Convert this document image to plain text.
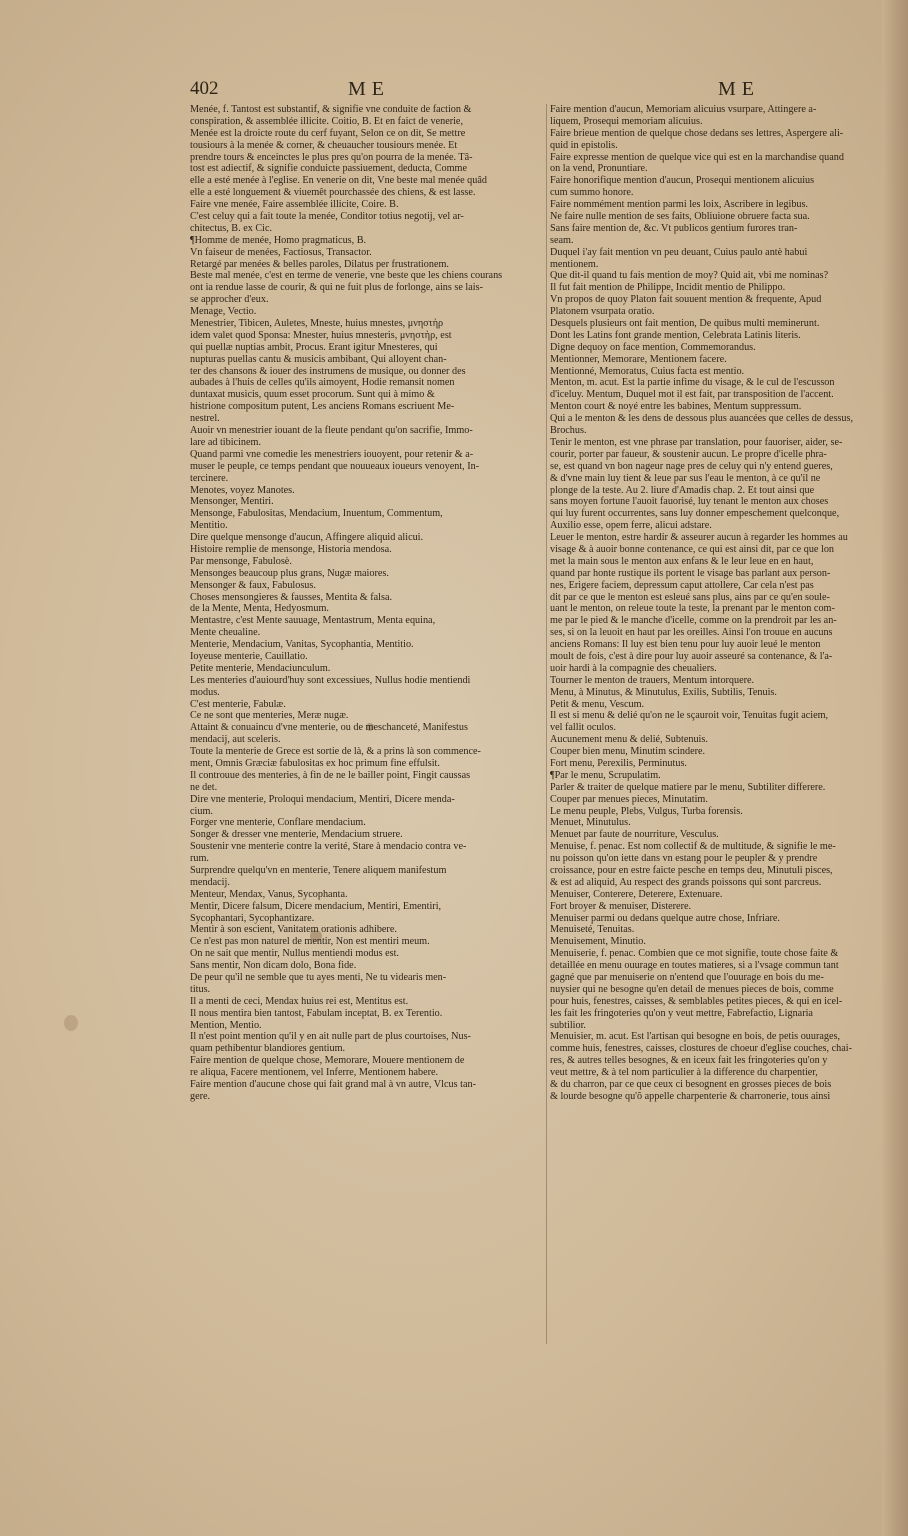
402	ME	ME
Menée, f. Tantost est substantif, & signifie vne conduite de faction &
conspiration, & assemblée illicite. Coitio, B. Et en faict de venerie,
Menée est la droicte route du cerf fuyant, Selon ce on dit, Se mettre
tousiours à la menée & corner, & cheuaucher tousiours menée. Et
prendre tours & enceinctes le plus pres qu'on pourra de la menée. Tâ-
tost est adiectif, & signifie conduicte passiuement, deducta, Comme
elle a esté menée à l'eglise. En venerie on dit, Vne beste mal menée quâd
elle a esté longuement & viuemêt pourchassée des chiens, & est lasse.
Faire vne menée, Faire assemblée illicite, Coire. B.
C'est celuy qui a fait toute la menée, Conditor totius negotij, vel ar-
chitectus, B. ex Cic.
¶Homme de menée, Homo pragmaticus, B.
Vn faiseur de menées, Factiosus, Transactor.
Retargé par menées & belles paroles, Dilatus per frustrationem.
Beste mal menée, c'est en terme de venerie, vne beste que les chiens courans
ont ia rendue lasse de courir, & qui ne fuit plus de forlonge, ains se lais-
se approcher d'eux.
Menage, Vectio.
Menestrier, Tibicen, Auletes, Mneste, huius mnestes, μνηστὴρ
idem valet quod Sponsa: Mnester, huius mnesteris, μνηστὴρ, est
qui puellæ nuptias ambit, Procus. Erant igitur Mnesteres, qui
nupturas puellas cantu & musicis ambibant, Qui alloyent chan-
ter des chansons & iouer des instrumens de musique, ou donner des
aubades à l'huis de celles qu'ils aimoyent, Hodie remansit nomen
duntaxat musicis, quum esset procorum. Sunt qui à mimo &
histrione compositum putent, Les anciens Romans escriuent Me-
nestrel.
Auoir vn menestrier iouant de la fleute pendant qu'on sacrifie, Immo-
lare ad tibicinem.
Quand parmi vne comedie les menestriers iouoyent, pour retenir & a-
muser le peuple, ce temps pendant que nouueaux ioueurs venoyent, In-
tercinere.
Menotes, voyez Manotes.
Mensonger, Mentiri.
Mensonge, Fabulositas, Mendacium, Inuentum, Commentum,
Mentitio.
Dire quelque mensonge d'aucun, Affingere aliquid alicui.
Histoire remplie de mensonge, Historia mendosa.
Par mensonge, Fabulosè.
Mensonges beaucoup plus grans, Nugæ maiores.
Mensonger & faux, Fabulosus.
Choses mensongieres & fausses, Mentita & falsa.
de la Mente, Menta, Hedyosmum.
Mentastre, c'est Mente sauuage, Mentastrum, Menta equina,
Mente cheualine.
Menterie, Mendacium, Vanitas, Sycophantia, Mentitio.
Ioyeuse menterie, Cauillatio.
Petite menterie, Mendaciunculum.
Les menteries d'auiourd'huy sont excessiues, Nullus hodie mentiendi
modus.
C'est menterie, Fabulæ.
Ce ne sont que menteries, Meræ nugæ.
Attaint & conuaincu d'vne menterie, ou de meschanceté, Manifestus
mendacij, aut sceleris.
Toute la menterie de Grece est sortie de là, & a prins là son commence-
ment, Omnis Græciæ fabulositas ex hoc primum fine effulsit.
Il controuue des menteries, à fin de ne le bailler point, Fingit caussas
ne det.
Dire vne menterie, Proloqui mendacium, Mentiri, Dicere menda-
cium.
Forger vne menterie, Conflare mendacium.
Songer & dresser vne menterie, Mendacium struere.
Soustenir vne menterie contre la verité, Stare à mendacio contra ve-
rum.
Surprendre quelqu'vn en menterie, Tenere aliquem manifestum
mendacij.
Menteur, Mendax, Vanus, Sycophanta.
Mentir, Dicere falsum, Dicere mendacium, Mentiri, Ementiri,
Sycophantari, Sycophantizare.
Mentir à son escient, Vanitatem orationis adhibere.
Ce n'est pas mon naturel de mentir, Non est mentiri meum.
On ne sait que mentir, Nullus mentiendi modus est.
Sans mentir, Non dicam dolo, Bona fide.
De peur qu'il ne semble que tu ayes menti, Ne tu videaris men-
titus.
Il a menti de ceci, Mendax huius rei est, Mentitus est.
Il nous mentira bien tantost, Fabulam inceptat, B. ex Terentio.
Mention, Mentio.
Il n'est point mention qu'il y en ait nulle part de plus courtoises, Nus-
quam pethibentur blandiores gentium.
Faire mention de quelque chose, Memorare, Mouere mentionem de
re aliqua, Facere mentionem, vel Inferre, Mentionem habere.
Faire mention d'aucune chose qui fait grand mal à vn autre, Vlcus tan-
gere.
Faire mention d'aucun, Memoriam alicuius vsurpare, Attingere a-
liquem, Prosequi memoriam alicuius.
Faire brieue mention de quelque chose dedans ses lettres, Aspergere ali-
quid in epistolis.
Faire expresse mention de quelque vice qui est en la marchandise quand
on la vend, Pronuntiare.
Faire honorifique mention d'aucun, Prosequi mentionem alicuius
cum summo honore.
Faire nommément mention parmi les loix, Ascribere in legibus.
Ne faire nulle mention de ses faits, Obliuione obruere facta sua.
Sans faire mention de, &c. Vt publicos gentium furores tran-
seam.
Duquel i'ay fait mention vn peu deuant, Cuius paulo antè habui
mentionem.
Que dit-il quand tu fais mention de moy? Quid ait, vbi me nominas?
Il fut fait mention de Philippe, Incidit mentio de Philippo.
Vn propos de quoy Platon fait souuent mention & frequente, Apud
Platonem vsurpata oratio.
Desquels plusieurs ont fait mention, De quibus multi meminerunt.
Dont les Latins font grande mention, Celebrata Latinis literis.
Digne dequoy on face mention, Commemorandus.
Mentionner, Memorare, Mentionem facere.
Mentionné, Memoratus, Cuius facta est mentio.
Menton, m. acut. Est la partie infime du visage, & le cul de l'escusson
d'iceluy. Mentum, Duquel mot il est fait, par transposition de l'accent.
Menton court & noyé entre les babines, Mentum suppressum.
Qui a le menton & les dens de dessous plus auancées que celles de dessus,
Brochus.
Tenir le menton, est vne phrase par translation, pour fauoriser, aider, se-
courir, porter par faueur, & soustenir aucun. Le propre d'icelle phra-
se, est quand vn bon nageur nage pres de celuy qui n'y entend gueres,
& d'vne main luy tient & leue par sus l'eau le menton, à ce qu'il ne
plonge de la teste. Au 2. liure d'Amadis chap. 2. Et tout ainsi que
sans moyen fortune l'auoit fauorisé, luy tenant le menton aux choses
qui luy furent occurrentes, sans luy donner empeschement quelconque,
Auxilio esse, opem ferre, alicui adstare.
Leuer le menton, estre hardir & asseurer aucun à regarder les hommes au
visage & à auoir bonne contenance, ce qui est ainsi dit, par ce que lon
met la main sous le menton aux enfans & le leur leue en en haut,
quand par honte rustique ils portent le visage bas parlant aux person-
nes, Erigere faciem, depressum caput attollere, Car cela n'est pas
dit par ce que le menton est esleué sans plus, ains par ce qu'en soule-
uant le menton, on releue toute la teste, la prenant par le menton com-
me par le pied & le manche d'icelle, comme on la prendroit par les an-
ses, si on la leuoit en haut par les oreilles. Ainsi l'on trouue en aucuns
anciens Romans: Il luy est bien tenu pour luy auoir leué le menton
moult de fois, c'est à dire pour luy auoir asseuré sa contenance, & l'a-
uoir hardi à la compagnie des cheualiers.
Tourner le menton de trauers, Mentum intorquere.
Menu, à Minutus, & Minutulus, Exilis, Subtilis, Tenuis.
Petit & menu, Vescum.
Il est si menu & delié qu'on ne le sçauroit voir, Tenuitas fugit aciem,
vel fallit oculos.
Aucunement menu & delié, Subtenuis.
Couper bien menu, Minutim scindere.
Fort menu, Perexilis, Perminutus.
¶Par le menu, Scrupulatim.
Parler & traiter de quelque matiere par le menu, Subtiliter differere.
Couper par menues pieces, Minutatim.
Le menu peuple, Plebs, Vulgus, Turba forensis.
Menuet, Minutulus.
Menuet par faute de nourriture, Vesculus.
Menuise, f. penac. Est nom collectif & de multitude, & signifie le me-
nu poisson qu'on iette dans vn estang pour le peupler & y prendre
croissance, pour en estre faicte pesche en temps deu, Minutuli pisces,
& est ad aliquid, Au respect des grands poissons qui sont parcreus.
Menuiser, Conterere, Deterere, Extenuare.
Fort broyer & menuiser, Disterere.
Menuiser parmi ou dedans quelque autre chose, Infriare.
Menuiseté, Tenuitas.
Menuisement, Minutio.
Menuiserie, f. penac. Combien que ce mot signifie, toute chose faite &
detaillée en menu ouurage en toutes matieres, si a l'vsage commun tant
gagné que par menuiserie on n'entend que l'ouurage en bois du me-
nuysier qui ne besogne qu'en detail de menues pieces de bois, comme
pour huis, fenestres, caisses, & semblables petites pieces, & qui en icel-
les fait les fringoteries qu'on y veut mettre, Fabrefactio, Lignaria
subtilior.
Menuisier, m. acut. Est l'artisan qui besogne en bois, de petis ouurages,
comme huis, fenestres, caisses, clostures de choeur d'eglise couches, chai-
res, & autres telles besognes, & en iceux fait les fringoteries qu'on y
veut mettre, & à tel nom particulier à la difference du charpentier,
& du charron, par ce que ceux ci besognent en grosses pieces de bois
& lourde besogne qu'õ appelle charpenterie & charronerie, tous ainsi
